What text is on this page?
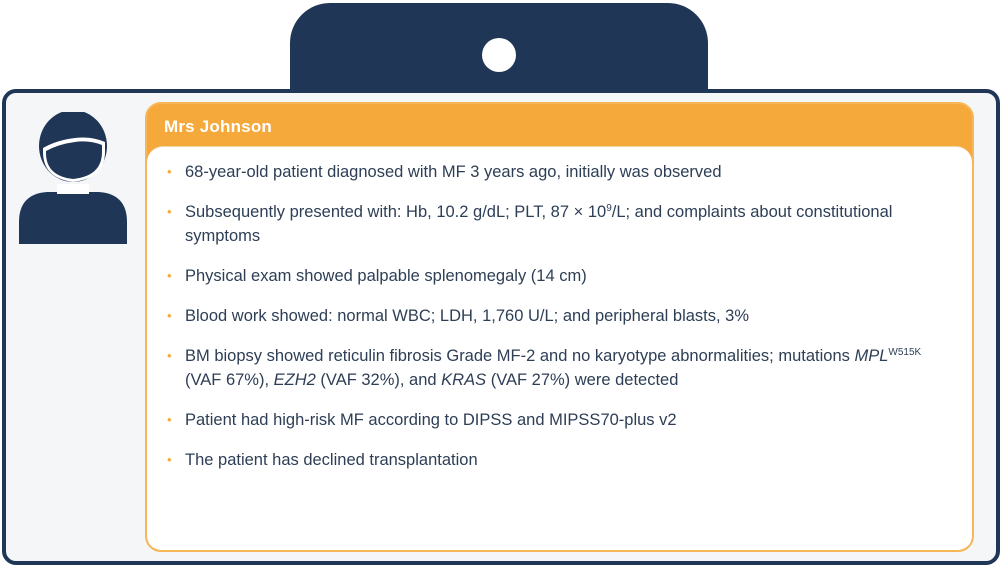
Mrs Johnson
• 68-year-old patient diagnosed with MF 3 years ago, initially was observed
• Subsequently presented with: Hb, 10.2 g/dL; PLT, $87 \times 10^9/L$; and complaints about constitutional symptoms
• Physical exam showed palpable splenomegaly (14 cm)
• Blood work showed: normal WBC; LDH, 1,760 U/L; and peripheral blasts, 3%
• BM biopsy showed reticulin fibrosis Grade MF-2 and no karyotype abnormalities; mutations $MPL^{W515K}$ (VAF 67%), EZH2 (VAF 32%), and KRAS (VAF 27%) were detected
• Patient had high-risk MF according to DIPSS and MIPSS70-plus v2
• The patient has declined transplantation
